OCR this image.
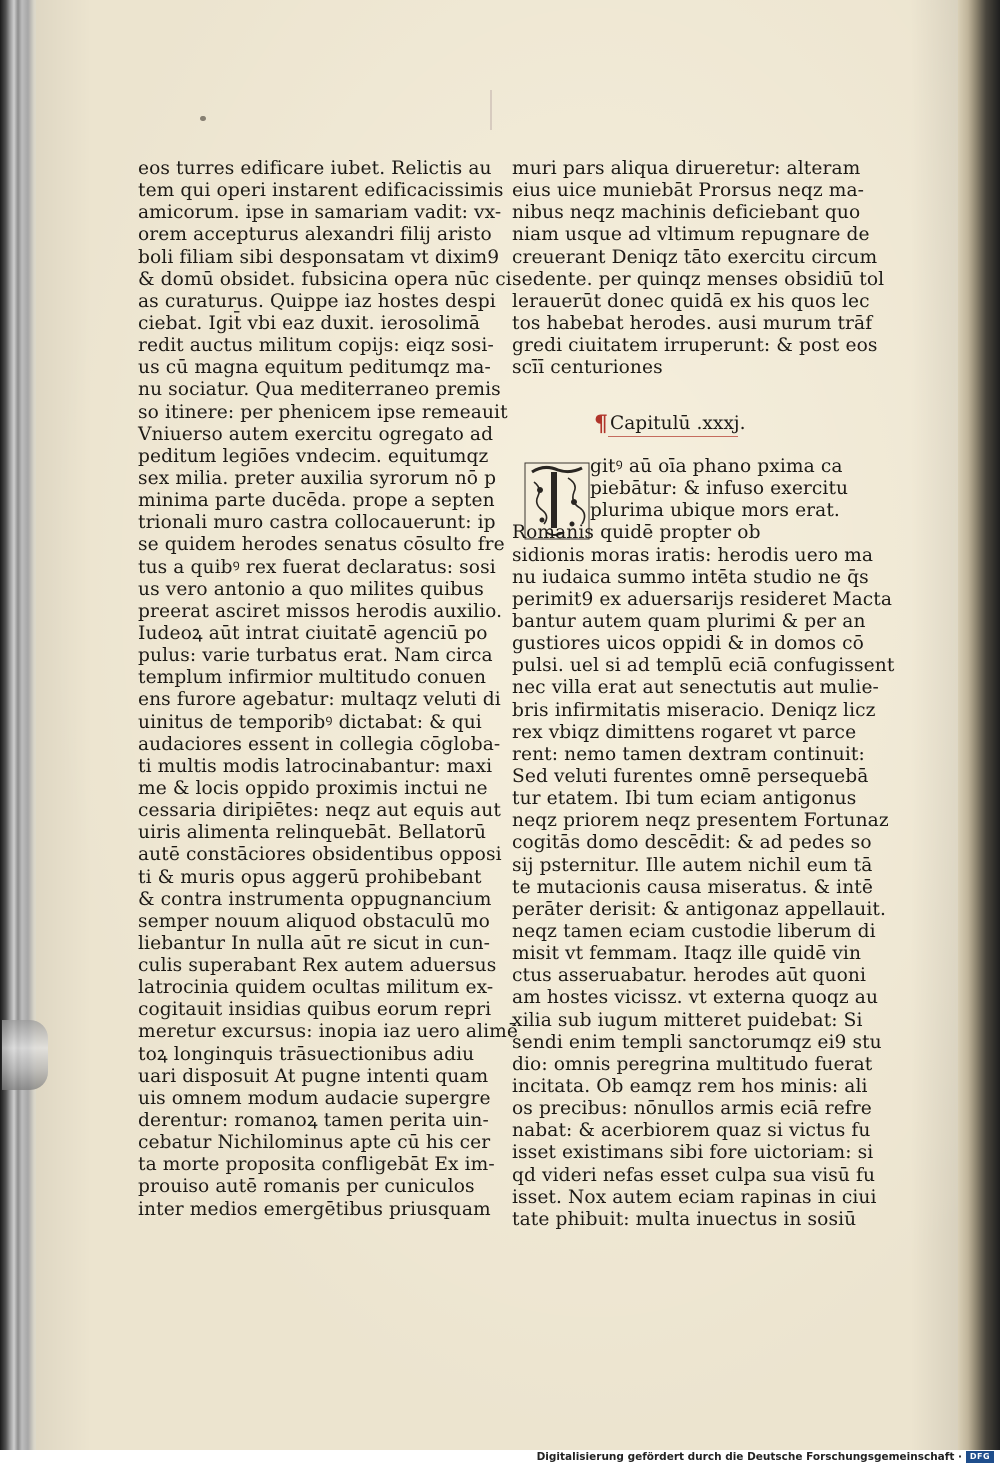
eos turres edificare iubet. Relictis au
tem qui operi instarent edificacissimis
amicorum. ipse in samariam vadit: vx-
orem accepturus alexandri filij aristo
boli filiam sibi desponsatam vt dixim9
& domū obsidet. fubsicina opera nūc ci
as curaturus. Quippe iaz hostes despi
ciebat. Igit̄ vbi eaz duxit. ierosolimā
redit auctus militum copijs: eiqz sosi-
us cū magna equitum peditumqz ma-
nu sociatur. Qua mediterraneo premis
so itinere: per phenicem ipse remeauit
Vniuerso autem exercitu ogregato ad
peditum legiōes vndecim. equitumqz
sex milia. preter auxilia syrorum nō p
minima parte ducēda. prope a septen
trionali muro castra collocauerunt: ip
se quidem herodes senatus cōsulto fre
tus a quibꝰ rex fuerat declaratus: sosi
us vero antonio a quo milites quibus
preerat asciret missos herodis auxilio.
Iudeoꝝ aūt intrat ciuitatē agenciū po
pulus: varie turbatus erat. Nam circa
templum infirmior multitudo conuen
ens furore agebatur: multaqz veluti di
uinitus de temporibꝰ dictabat: & qui
audaciores essent in collegia cōgloba-
ti multis modis latrocinabantur: maxi
me & locis oppido proximis inctui ne
cessaria diripiētes: neqz aut equis aut
uiris alimenta relinquebāt. Bellatorū
autē constāciores obsidentibus opposi
ti & muris opus aggerū prohibebant
& contra instrumenta oppugnancium
semper nouum aliquod obstaculū mo
liebantur In nulla aūt re sicut in cun-
culis superabant Rex autem aduersus
latrocinia quidem ocultas militum ex-
cogitauit insidias quibus eorum repri
meretur excursus: inopia iaz uero alimē
toꝝ longinquis trāsuectionibus adiu
uari disposuit At pugne intenti quam
uis omnem modum audacie supergre
derentur: romanoꝝ tamen perita uin-
cebatur Nichilominus apte cū his cer
ta morte proposita confligebāt Ex im-
prouiso autē romanis per cuniculos
inter medios emergētibus priusquam
muri pars aliqua dirueretur: alteram
eius uice muniebāt Prorsus neqz ma-
nibus neqz machinis deficiebant quo
niam usque ad vltimum repugnare de
creuerant Deniqz tāto exercitu circum
sedente. per quinqz menses obsidiū tol
lerauerūt donec quidā ex his quos lec
tos habebat herodes. ausi murum trāf
gredi ciuitatem irruperunt: & post eos
scīī centuriones
¶ Capitulū .xxxj.
gitꝰ aū oīa phano pxima ca
piebātur: & infuso exercitu
plurima ubique mors erat.
Romanis quidē propter ob
sidionis moras iratis: herodis uero ma
nu iudaica summo intēta studio ne q̄s
perimit9 ex aduersarijs resideret Macta
bantur autem quam plurimi & per an
gustiores uicos oppidi & in domos cō
pulsi. uel si ad templū eciā confugissent
nec villa erat aut senectutis aut mulie-
bris infirmitatis miseracio. Deniqz licz
rex vbiqz dimittens rogaret vt parce
rent: nemo tamen dextram continuit:
Sed veluti furentes omnē persequebā
tur etatem. Ibi tum eciam antigonus
neqz priorem neqz presentem Fortunaz
cogitās domo descēdit: & ad pedes so
sij psternitur. Ille autem nichil eum tā
te mutacionis causa miseratus. & intē
perāter derisit: & antigonaz appellauit.
neqz tamen eciam custodie liberum di
misit vt femmam. Itaqz ille quidē vin
ctus asseruabatur. herodes aūt quoni
am hostes vicissz. vt externa quoqz au
xilia sub iugum mitteret puidebat: Si
sendi enim templi sanctorumqz ei9 stu
dio: omnis peregrina multitudo fuerat
incitata. Ob eamqz rem hos minis: ali
os precibus: nōnullos armis eciā refre
nabat: & acerbiorem quaz si victus fu
isset existimans sibi fore uictoriam: si
qd videri nefas esset culpa sua visū fu
isset. Nox autem eciam rapinas in ciui
tate phibuit: multa inuectus in sosiū
Digitalisierung gefördert durch die Deutsche Forschungsgemeinschaft · DFG
